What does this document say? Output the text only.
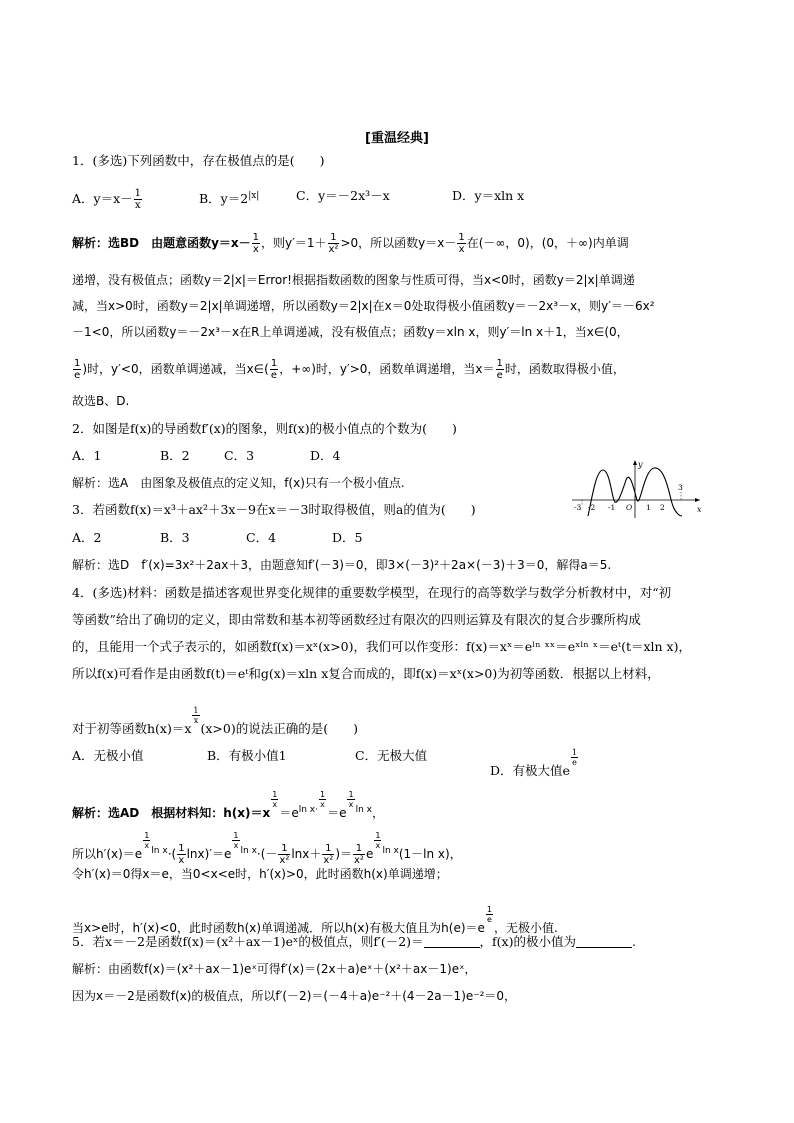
[重温经典]
1．(多选)下列函数中，存在极值点的是(　　)
A．$y=x- \frac{1}{x}$	B．$y=2^{|x|}$	C．y＝－2x³－x	D．y＝xln x
解析：选BD　由题意函数$y=x- \frac{1}{x}$ ，则$y'=1+ \frac{1}{\text{x²}} >0$，所以函数$y=x- \frac{1}{x}$ 在(－∞，0)，(0，＋∞)内单调
递增，没有极值点；函数y＝2|x|＝Error!根据指数函数的图象与性质可得，当x<0时，函数y＝2|x|单调递
减，当x>0时，函数y＝2|x|单调递增，所以函数y＝2|x|在x＝0处取得极小值函数y＝－2x³－x，则y′＝－6x²
－1<0，所以函数y＝－2x³－x在R上单调递减，没有极值点；函数y＝xln x，则y′＝ln x＋1，当x∈(0，
$\frac{1}{e}$ )时，y′<0，函数单调递减，当x∈( $\frac{1}{e}$ ，+∞)时，y′>0，函数单调递增，当$x= \frac{1}{e}$ 时，函数取得极小值，
故选B、D.
2．如图是f(x)的导函数f′(x)的图象，则f(x)的极小值点的个数为(　　)
A．1	B．2	C．3	D．4
解析：选A　由图象及极值点的定义知，f(x)只有一个极小值点.
x
y
-3 -2 -1 O 1 2
3
3．若函数f(x)＝x³＋ax²＋3x－9在x＝－3时取得极值，则a的值为(　　)
A．2	B．3	C．4	D．5
解析：选D　f′(x)=3x²＋2ax＋3，由题意知f′(－3)＝0，即3×(－3)²＋2a×(－3)＋3＝0，解得a＝5.
4．(多选)材料：函数是描述客观世界变化规律的重要数学模型，在现行的高等数学与数学分析教材中，对“初
等函数”给出了确切的定义，即由常数和基本初等函数经过有限次的四则运算及有限次的复合步骤所构成
的，且能用一个式子表示的，如函数f(x)＝xˣ(x>0)，我们可以作变形：f(x)＝xˣ＝eˡⁿ ˣˣ＝eˣˡⁿ ˣ＝eᵗ(t＝xln x)，
所以f(x)可看作是由函数f(t)＝eᵗ和g(x)＝xln x复合而成的，即f(x)＝xˣ(x>0)为初等函数．根据以上材料，
对于初等函数h(x)＝x
$\frac{1}{x}$
(x>0)的说法正确的是(　　)
A．无极小值	B．有极小值1	C．无极大值
D．有极大值e
$\frac{1}{e}$
解析：选AD　根据材料知：h(x)＝x
$\frac{1}{x}$
$=e^{ln x\cdot}$
$\frac{1}{x}$
＝e
$\frac{1}{x}$
$^{ln x}$，
所以h′(x)＝e
$\frac{1}{x}$
$^{ln x}\cdot( \frac{1}{x} \ln x)'=e$
$\frac{1}{x}$
$^{ln x}\cdot(- \frac{1}{\text{x²}} \ln x+ \frac{1}{\text{x²}}$ )＝ $\frac{1}{\text{x²}}$ e
$\frac{1}{x}$
$^{ln x}$(1－ln x)，
令h′(x)＝0得x＝e，当0<x<e时，h′(x)>0，此时函数h(x)单调递增；
当x>e时，h′(x)<0，此时函数h(x)单调递减．所以h(x)有极大值且为h(e)＝e
$\frac{1}{e}$
，无极小值.
5．若x＝－2是函数f(x)＝(x²＋ax－1)eˣ的极值点，则f′(－2)＝	，f(x)的极小值为	.
解析：由函数f(x)＝(x²＋ax－1)eˣ可得f′(x)＝(2x＋a)eˣ＋(x²＋ax－1)eˣ，
因为x＝－2是函数f(x)的极值点，所以f′(－2)＝(－4＋a)e⁻²＋(4－2a－1)e⁻²＝0，
